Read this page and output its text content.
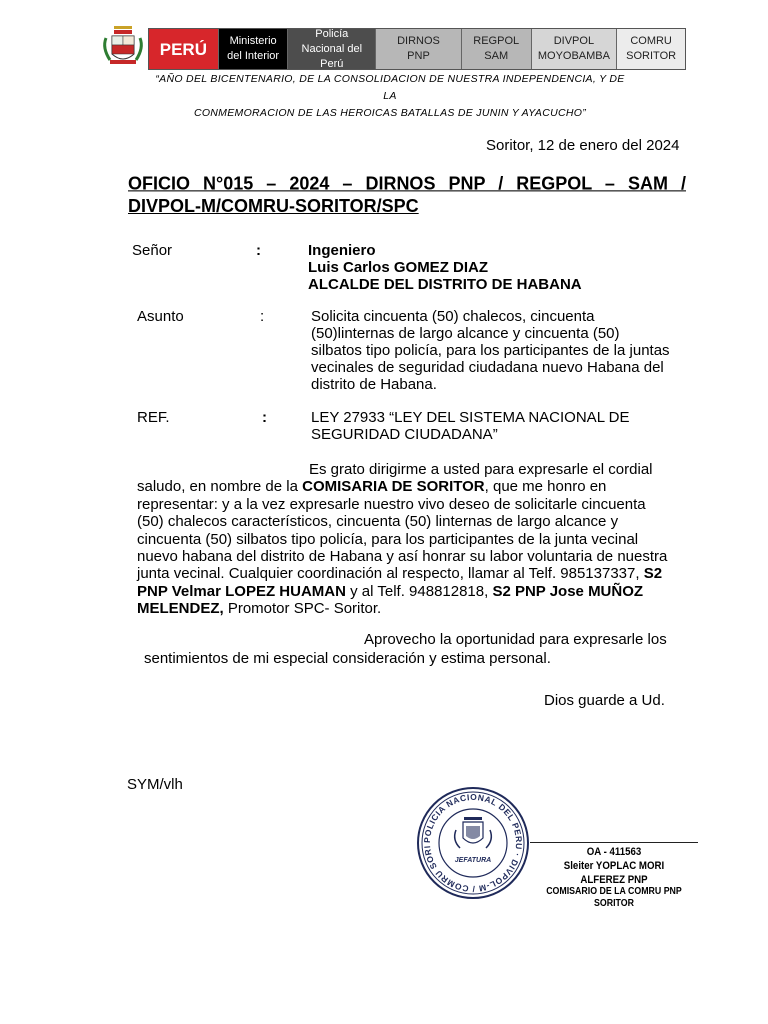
PERÚ Ministerio
del Interior
Policía
Nacional del
Perú
DIRNOS
PNP
REGPOL
SAM
DIVPOL
MOYOBAMBA
COMRU
SORITOR
“AÑO DEL BICENTENARIO, DE LA CONSOLIDACION DE NUESTRA INDEPENDENCIA, Y DE LA
CONMEMORACION DE LAS HEROICAS BATALLAS DE JUNIN Y AYACUCHO”
Soritor, 12 de enero del 2024
OFICIO N°015 – 2024 – DIRNOS PNP / REGPOL – SAM /
DIVPOL-M/COMRU-SORITOR/SPC
Señor	:	Ingeniero
Luis Carlos GOMEZ DIAZ
ALCALDE DEL DISTRITO DE HABANA
Asunto	:	Solicita cincuenta (50) chalecos, cincuenta
(50)linternas de largo alcance y cincuenta (50)
silbatos tipo policía, para los participantes de la juntas
vecinales de seguridad ciudadana nuevo Habana del
distrito de Habana.
REF.	:	LEY 27933 “LEY DEL SISTEMA NACIONAL DE
SEGURIDAD CIUDADANA”
Es grato dirigirme a usted para expresarle el cordial
saludo, en nombre de la COMISARIA DE SORITOR, que me honro en
representar: y a la vez expresarle nuestro vivo deseo de solicitarle cincuenta
(50) chalecos característicos, cincuenta (50) linternas de largo alcance y
cincuenta (50) silbatos tipo policía, para los participantes de la junta vecinal
nuevo habana del distrito de Habana y así honrar su labor voluntaria de nuestra
junta vecinal. Cualquier coordinación al respecto, llamar al Telf. 985137337, S2
PNP Velmar LOPEZ HUAMAN y al Telf. 948812818, S2 PNP Jose MUÑOZ
MELENDEZ, Promotor SPC- Soritor.
Aprovecho la oportunidad para expresarle los
sentimientos de mi especial consideración y estima personal.
Dios guarde a Ud.
SYM/vlh
POLICIA NACIONAL DEL PERU · DIVPOL-M / COMRU SORI
JEFATURA
OA - 411563
Sleiter YOPLAC MORI
ALFEREZ PNP
COMISARIO DE LA COMRU PNP SORITOR
